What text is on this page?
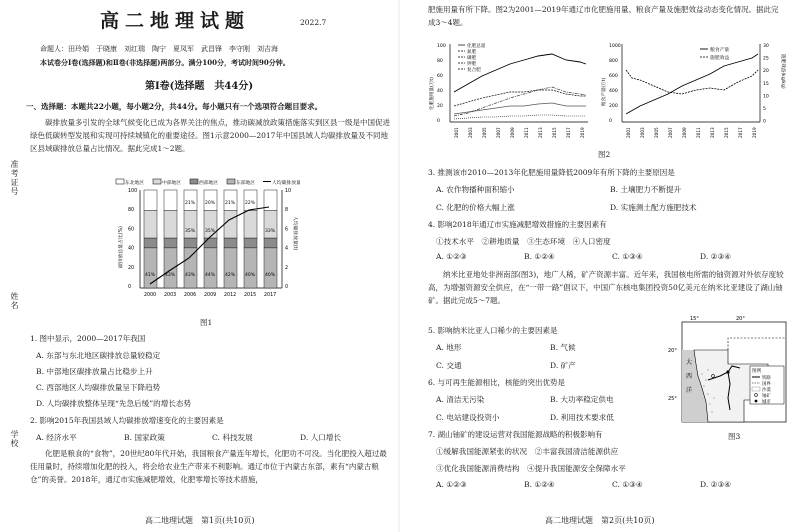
高二地理试题	2022.7
命题人：田玲娟　于晓康　刘红瑞　陶宁　夏凤军　武昌锋　李守刚　刘吉海
本试卷分Ⅰ卷(选择题)和Ⅱ卷(非选择题)两部分。满分100分，考试时间90分钟。
第Ⅰ卷(选择题　共44分)
一、选择题：本题共22小题，每小题2分，共44分。每小题只有一个选项符合题目要求。
碳排放量多引发的全球气候变化已成为各界关注的焦点，推动碳减放政策措施落实到区县一级是中国促进绿色低碳转型发展和实现可持续城镇化的重要途径。图1示意2000—2017年中国县域人均碳排放量及不同地区县域碳排放总量占比情况。据此完成1～2题。
准考证号
姓名
学校
东北地区	中部地区	西部地区	东部地区	人均碳排放量
100
80
60
40
20
0
10
8
6
4
2
0
碳排放总量占比(%)	人均碳排放量(t)
41%
2000
43%
2003
43%
35%
21%
2006
44%
35%
20%
2009
42%
21%
2012
40%
22%
2015
40%
33%
2017
图1
1. 图中显示，2000—2017年我国
A. 东部与东北地区碳排放总量较稳定
B. 中部地区碳排放量占比稳步上升
C. 西部地区人均碳排放量呈下降趋势
D. 人均碳排放整体呈现“先急后缓”的增长态势
2. 影响2015年我国县域人均碳排放增速变化的主要因素是
A. 经济水平	B. 国家政策	C. 科技发展	D. 人口增长
化肥是粮食的“食物”，20世纪80年代开始，我国粮食产量连年增长，化肥功不可没。当化肥投入超过最佳用量时，持续增加化肥的投入，将会给农业生产带来不利影响。通辽市位于内蒙古东部，素有“内蒙古粮仓”的美誉。2018年，通辽市实施减肥增效，化肥零增长等技术措施，
高二地理试题　第1页(共10页)
肥施用量有所下降。图2为2001—2019年通辽市化肥施用量、粮食产量及施肥效益动态变化情况。据此完成3～4题。
100
80
60
40
20
0
2001 2003 2005 2007 2009 2011 2013 2015 2017 2019
化肥施用量(万t)
化肥总量
氮肥
磷肥
钾肥
复合肥
1000
800
600
400
200
0
30
25
20
15
10
5
0
2001 2003 2005 2007 2009 2011 2013 2015 2017 2019
粮食产量(万t)
施肥效益(kg/kg)
粮食产量
施肥效益
图2
3. 推测该市2010—2013年化肥施用量降低2009年有所下降的主要原因是
A. 农作物播种面积缩小	B. 土壤肥力不断提升
C. 化肥的价格大幅上涨	D. 实施测土配方施肥技术
4. 影响2018年通辽市实施减肥增效措施的主要因素有
①技术水平　②耕地质量　③生态环境　④人口密度
A. ①②③	B. ①②④	C. ①③④	D. ②③④
纳米比亚地处非洲南部(图3)，地广人稀，矿产资源丰富。近年来，我国核电所需的铀资源对外依存度较高，为增强资源安全供应，在“一带一路”倡议下，中国广东核电集团投资50亿美元在纳米比亚建设了湖山铀矿。据此完成5～7题。
5. 影响纳米比亚人口稀少的主要因素是
A. 地形	B. 气候
C. 交通	D. 矿产
6. 与可再生能源相比，核能的突出优势是
A. 清洁无污染	B. 大功率稳定供电
C. 电站建设投资小	D. 利用技术要求低
7. 湖山铀矿的建设运营对我国能源战略的积极影响有
①缓解我国能源紧张的状况　②丰富我国清洁能源供应
③优化我国能源消费结构　④提升我国能源安全保障水平
A. ①②③	B. ①②④	C. ①③④	D. ②③④
15°	20°
20°
25°
大
西
洋
图例
铁路
国界
沙漠
铀矿
城市
图3
高二地理试题　第2页(共10页)
